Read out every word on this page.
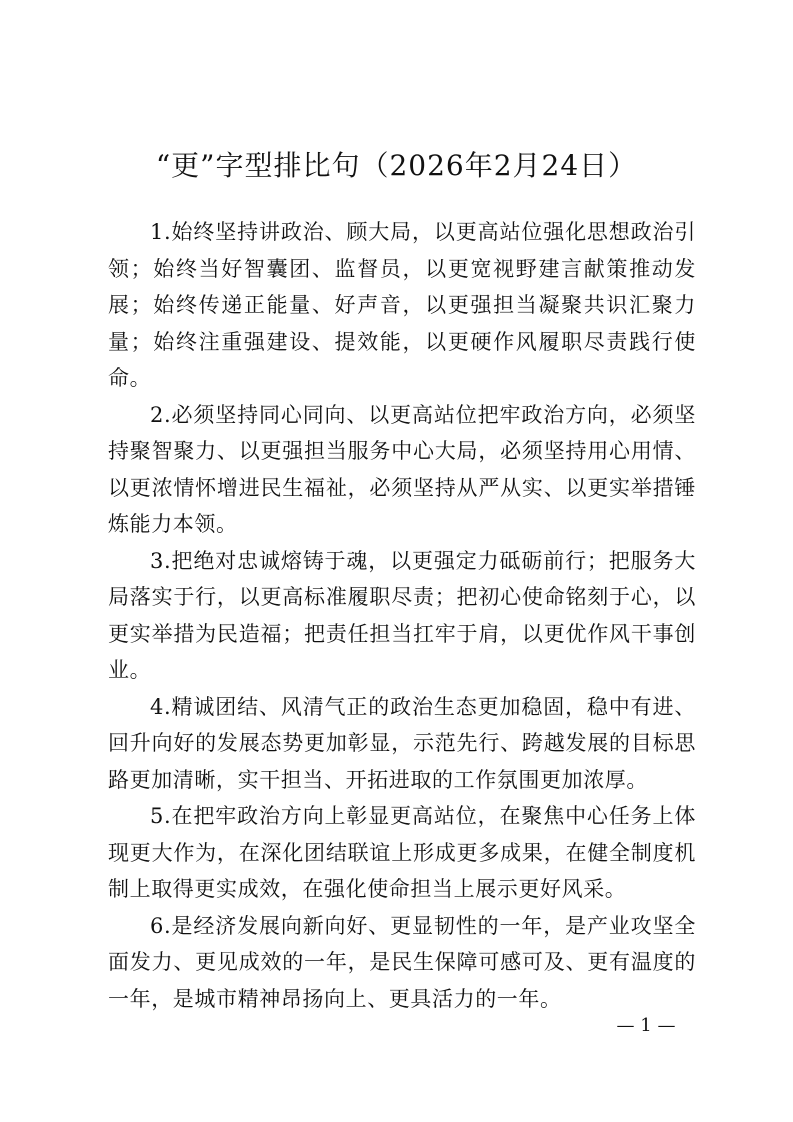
“更”字型排比句（2026年2月24日）

1.始终坚持讲政治、顾大局，以更高站位强化思想政治引领；始终当好智囊团、监督员，以更宽视野建言献策推动发展；始终传递正能量、好声音，以更强担当凝聚共识汇聚力量；始终注重强建设、提效能，以更硬作风履职尽责践行使命。

2.必须坚持同心同向、以更高站位把牢政治方向，必须坚持聚智聚力、以更强担当服务中心大局，必须坚持用心用情、以更浓情怀增进民生福祉，必须坚持从严从实、以更实举措锤炼能力本领。

3.把绝对忠诚熔铸于魂，以更强定力砥砺前行；把服务大局落实于行，以更高标准履职尽责；把初心使命铭刻于心，以更实举措为民造福；把责任担当扛牢于肩，以更优作风干事创业。

4.精诚团结、风清气正的政治生态更加稳固，稳中有进、回升向好的发展态势更加彰显，示范先行、跨越发展的目标思路更加清晰，实干担当、开拓进取的工作氛围更加浓厚。

5.在把牢政治方向上彰显更高站位，在聚焦中心任务上体现更大作为，在深化团结联谊上形成更多成果，在健全制度机制上取得更实成效，在强化使命担当上展示更好风采。

6.是经济发展向新向好、更显韧性的一年，是产业攻坚全面发力、更见成效的一年，是民生保障可感可及、更有温度的一年，是城市精神昂扬向上、更具活力的一年。

— 1 —
